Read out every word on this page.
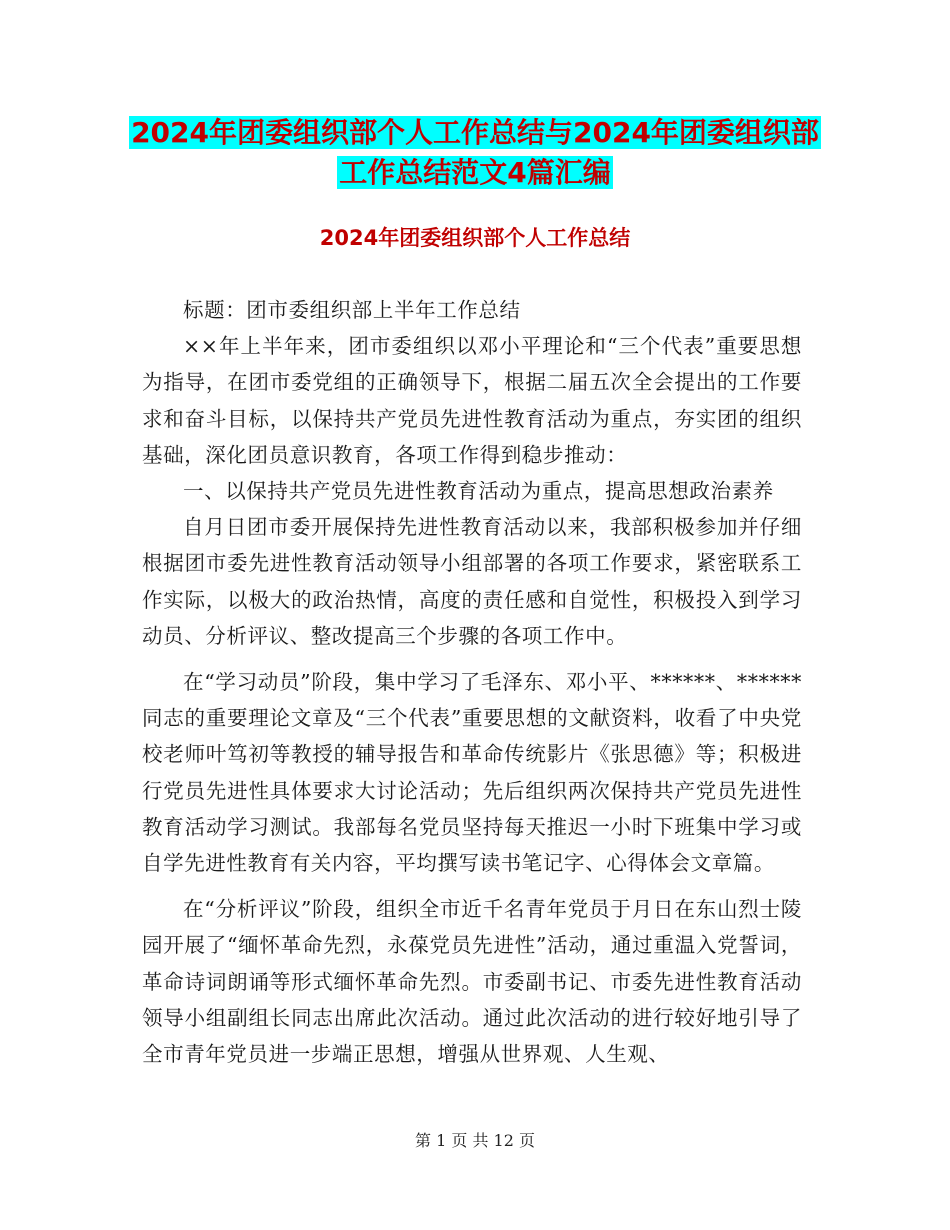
2024年团委组织部个人工作总结与2024年团委组织部
工作总结范文4篇汇编
2024年团委组织部个人工作总结

标题：团市委组织部上半年工作总结

××年上半年来，团市委组织以邓小平理论和“三个代表”重要思想为指导，在团市委党组的正确领导下，根据二届五次全会提出的工作要求和奋斗目标，以保持共产党员先进性教育活动为重点，夯实团的组织基础，深化团员意识教育，各项工作得到稳步推动：

一、以保持共产党员先进性教育活动为重点，提高思想政治素养

自月日团市委开展保持先进性教育活动以来，我部积极参加并仔细根据团市委先进性教育活动领导小组部署的各项工作要求，紧密联系工作实际，以极大的政治热情，高度的责任感和自觉性，积极投入到学习动员、分析评议、整改提高三个步骤的各项工作中。

在“学习动员”阶段，集中学习了毛泽东、邓小平、******、******同志的重要理论文章及“三个代表”重要思想的文献资料，收看了中央党校老师叶笃初等教授的辅导报告和革命传统影片《张思德》等；积极进行党员先进性具体要求大讨论活动；先后组织两次保持共产党员先进性教育活动学习测试。我部每名党员坚持每天推迟一小时下班集中学习或自学先进性教育有关内容，平均撰写读书笔记字、心得体会文章篇。

在“分析评议”阶段，组织全市近千名青年党员于月日在东山烈士陵园开展了“缅怀革命先烈，永葆党员先进性”活动，通过重温入党誓词，革命诗词朗诵等形式缅怀革命先烈。市委副书记、市委先进性教育活动领导小组副组长同志出席此次活动。通过此次活动的进行较好地引导了全市青年党员进一步端正思想，增强从世界观、人生观、

第 1 页 共 12 页
